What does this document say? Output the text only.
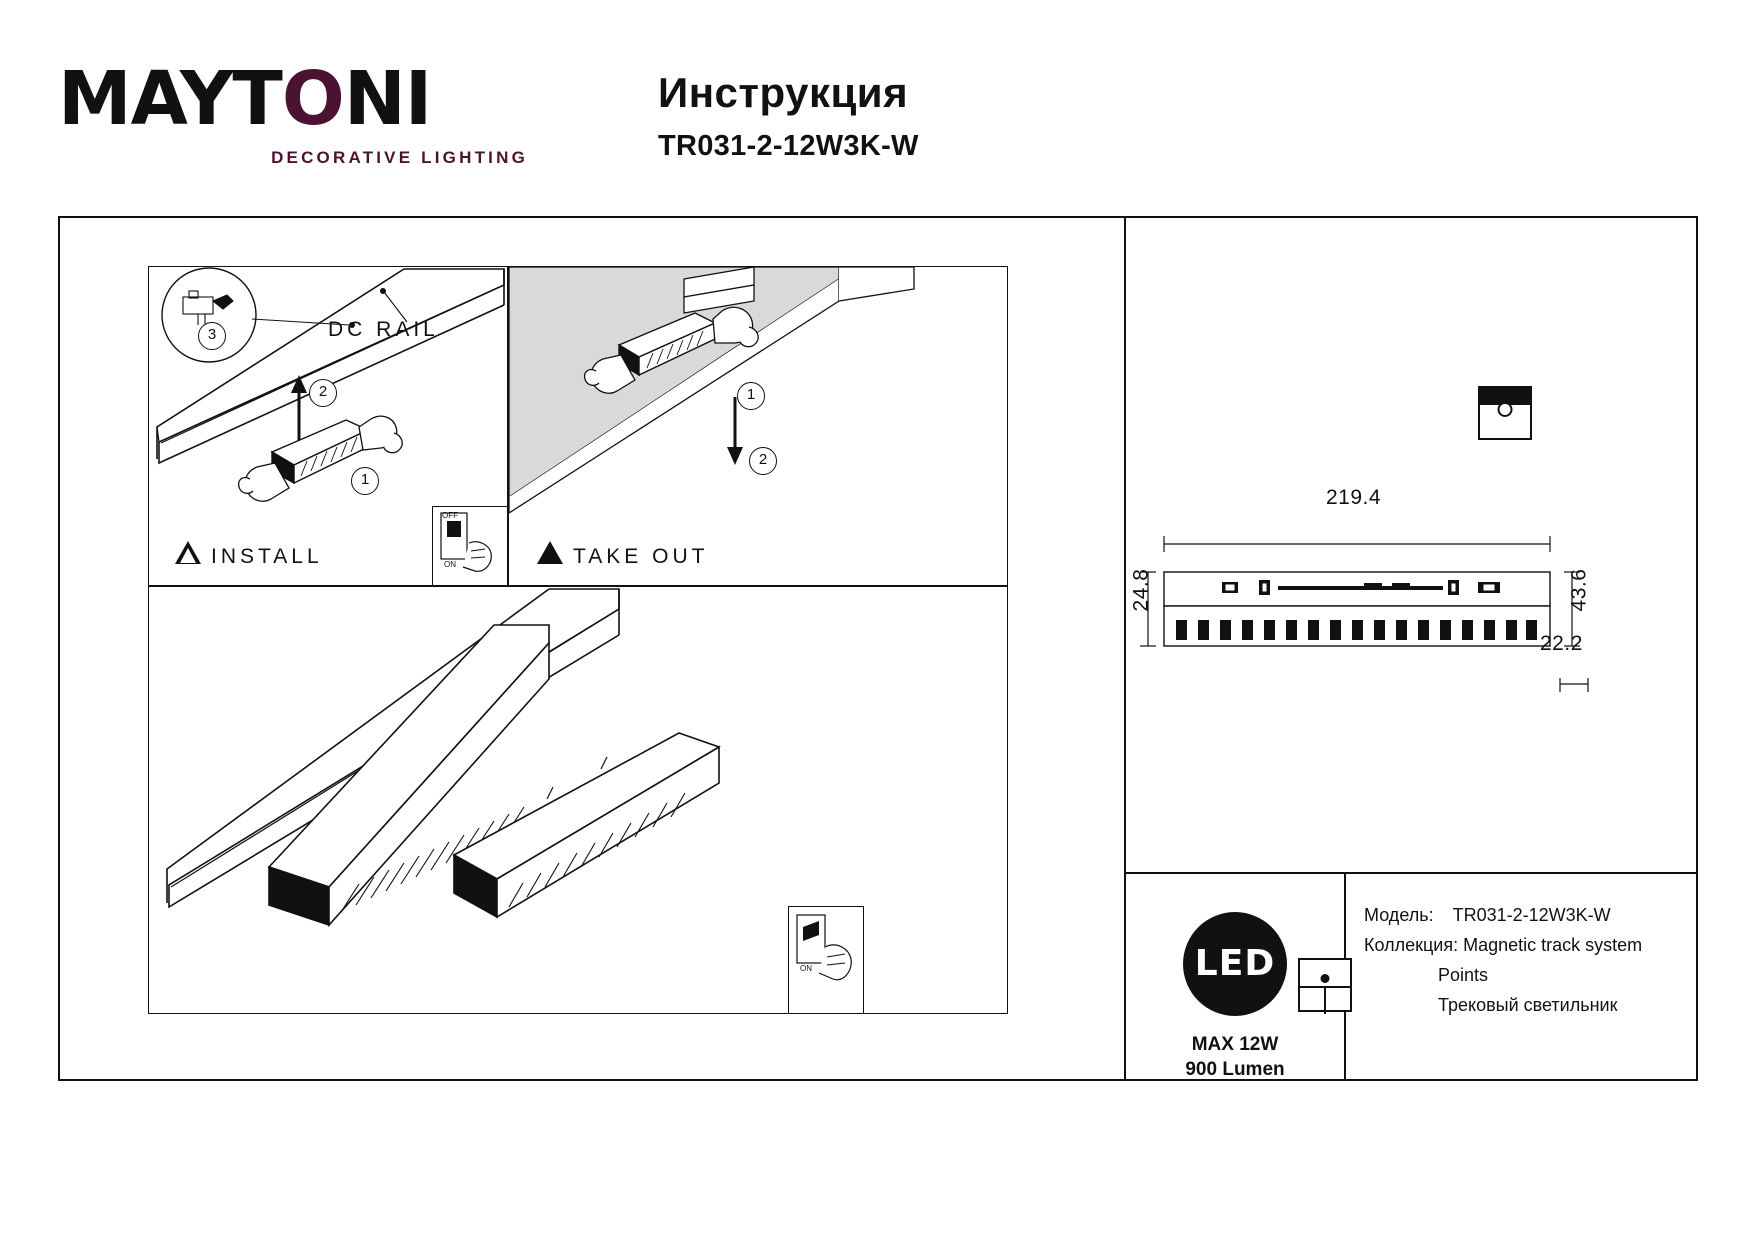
MAYTONI
DECORATIVE LIGHTING
Инструкция
TR031-2-12W3K-W
1
2
3
INSTALL
OFF
ON
1
2
TAKE OUT
DC RAIL
ON
219.4
24.8	43.6
22.2
LED
MAX 12W
900 Lumen
Модель: TR031-2-12W3K-W
Коллекция: Magnetic track system
Points
Трековый светильник
